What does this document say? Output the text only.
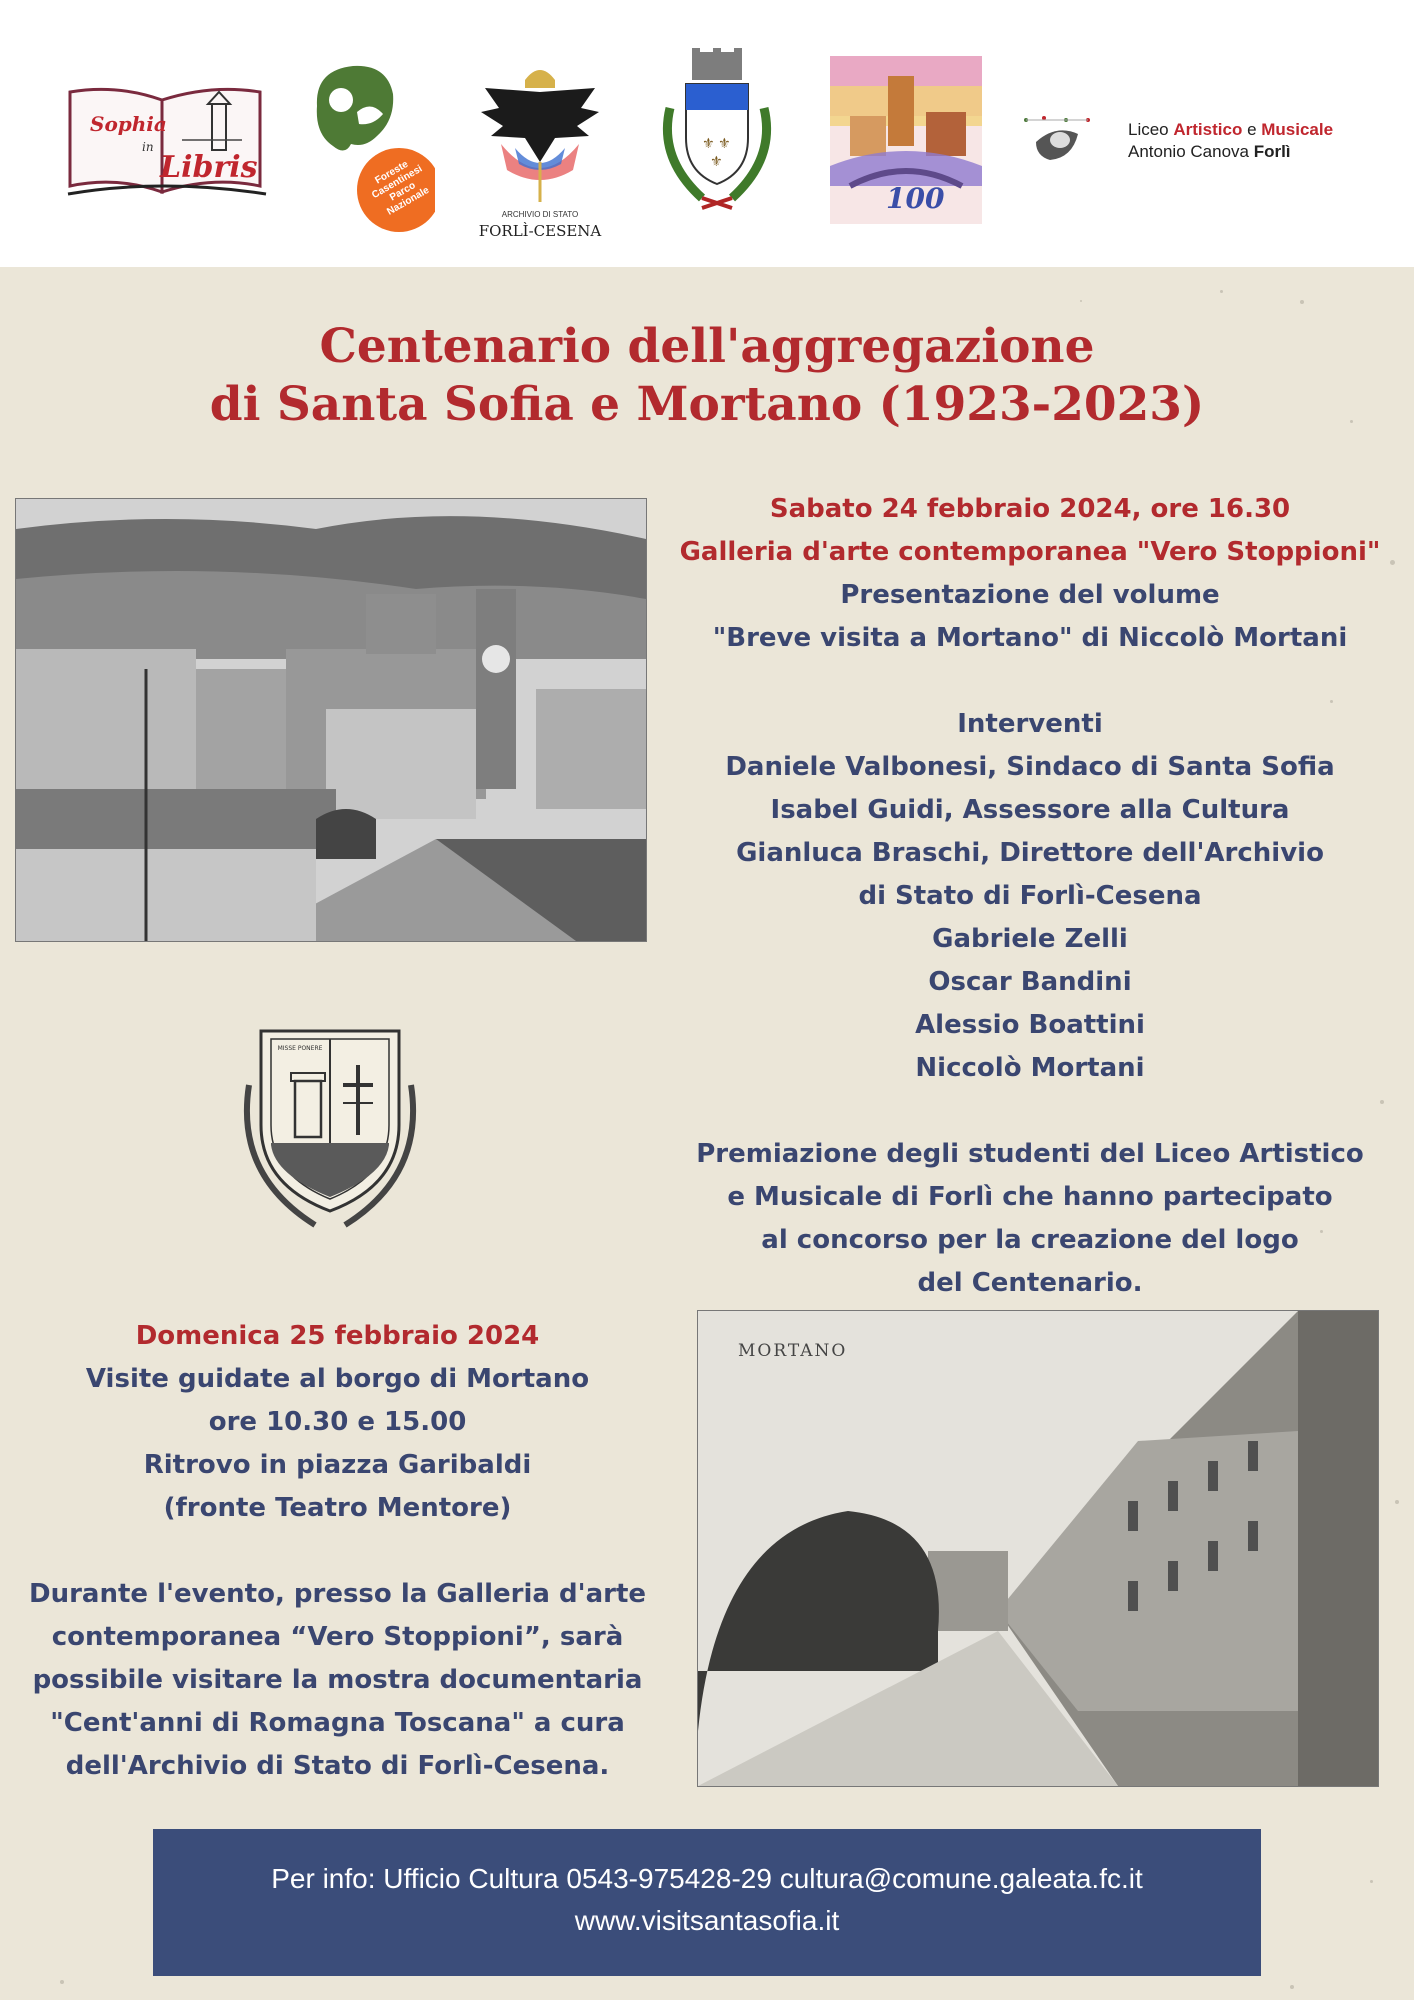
Sophia
in
Libris	Foreste Casentinesi Parco Nazionale	ARCHIVIO DI STATO
FORLÌ-CESENA
⚜ ⚜
⚜
100
Liceo Artistico e Musicale
Antonio Canova Forlì
Centenario dell'aggregazione
di Santa Sofia e Mortano (1923-2023)
Sabato 24 febbraio 2024, ore 16.30
Galleria d'arte contemporanea "Vero Stoppioni"
Presentazione del volume
"Breve visita a Mortano" di Niccolò Mortani
Interventi
Daniele Valbonesi, Sindaco di Santa Sofia
Isabel Guidi, Assessore alla Cultura
Gianluca Braschi, Direttore dell'Archivio
di Stato di Forlì-Cesena
Gabriele Zelli
Oscar Bandini
Alessio Boattini
Niccolò Mortani
Premiazione degli studenti del Liceo Artistico
e Musicale di Forlì che hanno partecipato
al concorso per la creazione del logo
del Centenario.
MISSE PONERE
Domenica 25 febbraio 2024
Visite guidate al borgo di Mortano
ore 10.30 e 15.00
Ritrovo in piazza Garibaldi
(fronte Teatro Mentore)
Durante l'evento, presso la Galleria d'arte
contemporanea “Vero Stoppioni”, sarà
possibile visitare la mostra documentaria
"Cent'anni di Romagna Toscana" a cura
dell'Archivio di Stato di Forlì-Cesena.
MORTANO
Per info: Ufficio Cultura 0543-975428-29 cultura@comune.galeata.fc.it
www.visitsantasofia.it
